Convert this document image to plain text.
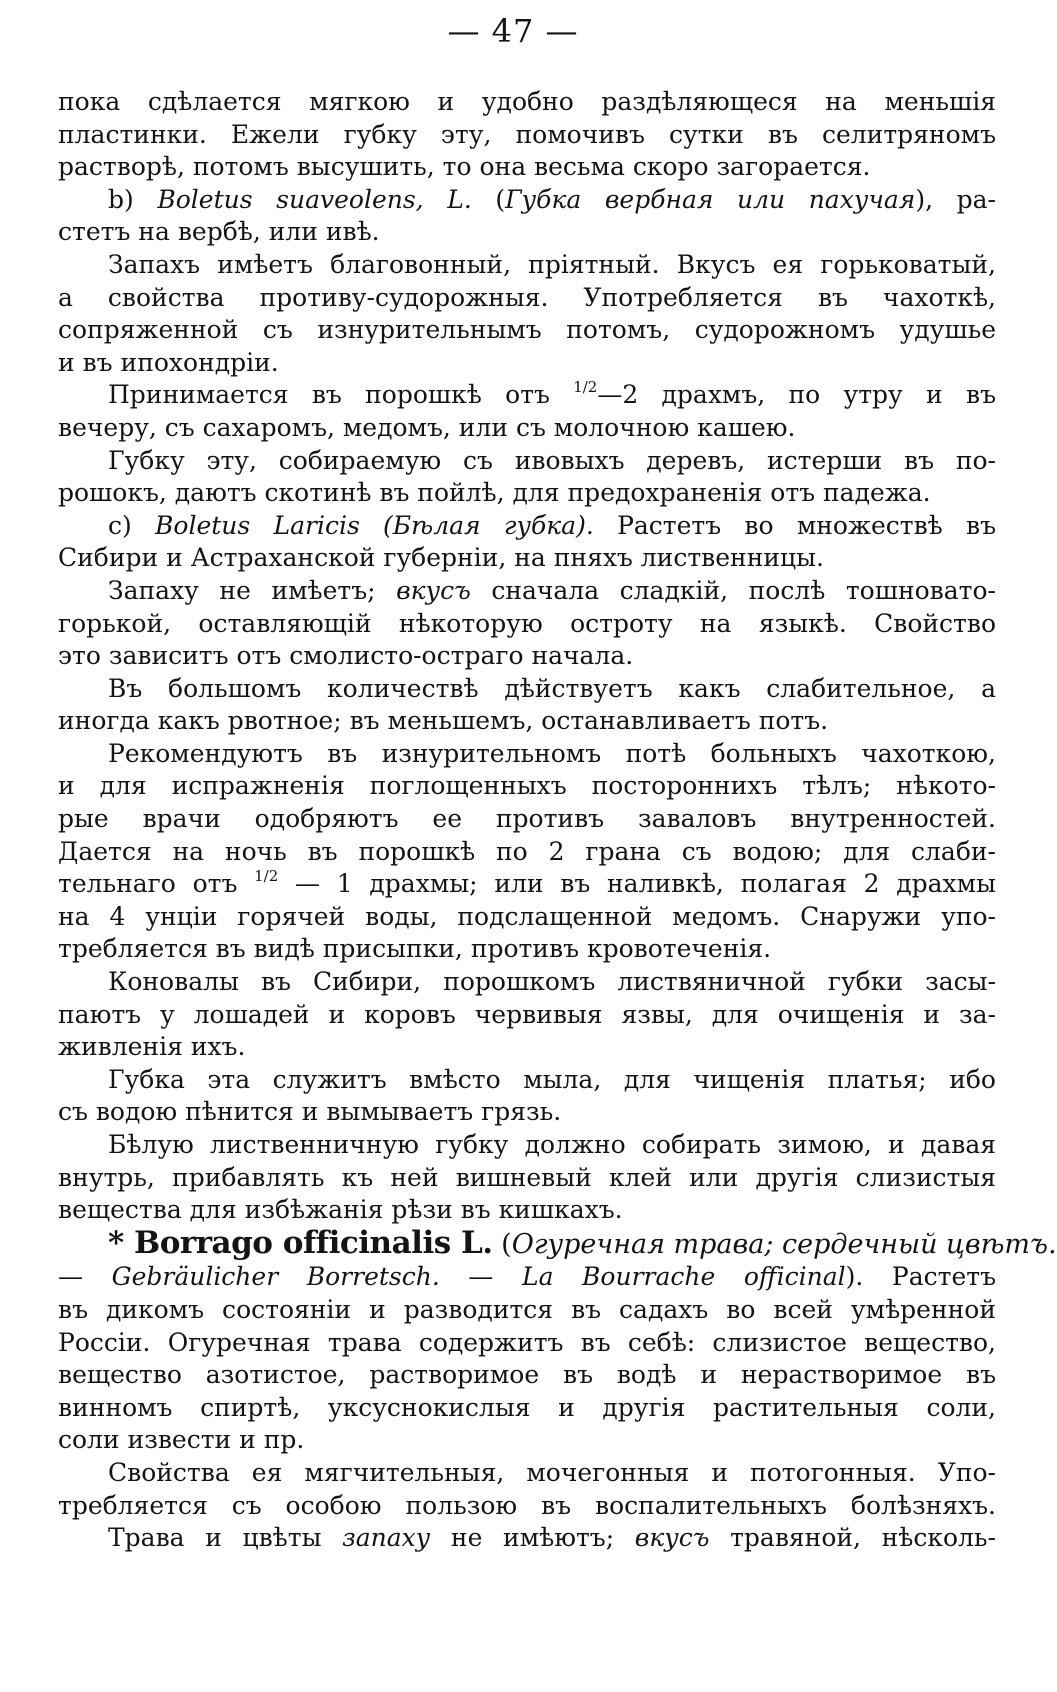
— 47 —
пока сдѣлается мягкою и удобно раздѣляющеся на меньшія
пластинки. Ежели губку эту, помочивъ сутки въ селитряномъ
растворѣ, потомъ высушить, то она весьма скоро загорается.
b) Boletus suaveolens, L. (Губка вербная или пахучая), ра-
стетъ на вербѣ, или ивѣ.
Запахъ имѣетъ благовонный, пріятный. Вкусъ ея горьковатый,
а свойства противу-судорожныя. Употребляется въ чахоткѣ,
сопряженной съ изнурительнымъ потомъ, судорожномъ удушье
и въ ипохондріи.
Принимается въ порошкѣ отъ $^{1/2}$—2 драхмъ, по утру и въ
вечеру, съ сахаромъ, медомъ, или съ молочною кашею.
Губку эту, собираемую съ ивовыхъ деревъ, истерши въ по-
рошокъ, даютъ скотинѣ въ пойлѣ, для предохраненія отъ падежа.
c) Boletus Laricis (Бѣлая губка). Растетъ во множествѣ въ
Сибири и Астраханской губерніи, на пняхъ лиственницы.
Запаху не имѣетъ; вкусъ сначала сладкій, послѣ тошновато-
горькой, оставляющій нѣкоторую остроту на языкѣ. Свойство
это зависитъ отъ смолисто-остраго начала.
Въ большомъ количествѣ дѣйствуетъ какъ слабительное, а
иногда какъ рвотное; въ меньшемъ, останавливаетъ потъ.
Рекомендуютъ въ изнурительномъ потѣ больныхъ чахоткою,
и для испражненія поглощенныхъ постороннихъ тѣлъ; нѣкото-
рые врачи одобряютъ ее противъ заваловъ внутренностей.
Дается на ночь въ порошкѣ по 2 грана съ водою; для слаби-
тельнаго отъ $^{1/2}$ — 1 драхмы; или въ наливкѣ, полагая 2 драхмы
на 4 унціи горячей воды, подслащенной медомъ. Снаружи упо-
требляется въ видѣ присыпки, противъ кровотеченія.
Коновалы въ Сибири, порошкомъ листвяничной губки засы-
паютъ у лошадей и коровъ червивыя язвы, для очищенія и за-
живленія ихъ.
Губка эта служитъ вмѣсто мыла, для чищенія платья; ибо
съ водою пѣнится и вымываетъ грязь.
Бѣлую лиственничную губку должно собирать зимою, и давая
внутрь, прибавлять къ ней вишневый клей или другія слизистыя
вещества для избѣжанія рѣзи въ кишкахъ.
* Borrago officinalis L. (Огуречная трава; сердечный цвѣтъ.
— Gebräulicher Borretsch. — La Bourrache officinal). Растетъ
въ дикомъ состояніи и разводится въ садахъ во всей умѣренной
Россіи. Огуречная трава содержитъ въ себѣ: слизистое вещество,
вещество азотистое, растворимое въ водѣ и нерастворимое въ
винномъ спиртѣ, уксуснокислыя и другія растительныя соли,
соли извести и пр.
Свойства ея мягчительныя, мочегонныя и потогонныя. Упо-
требляется съ особою пользою въ воспалительныхъ болѣзняхъ.
Трава и цвѣты запаху не имѣютъ; вкусъ травяной, нѣсколь-
